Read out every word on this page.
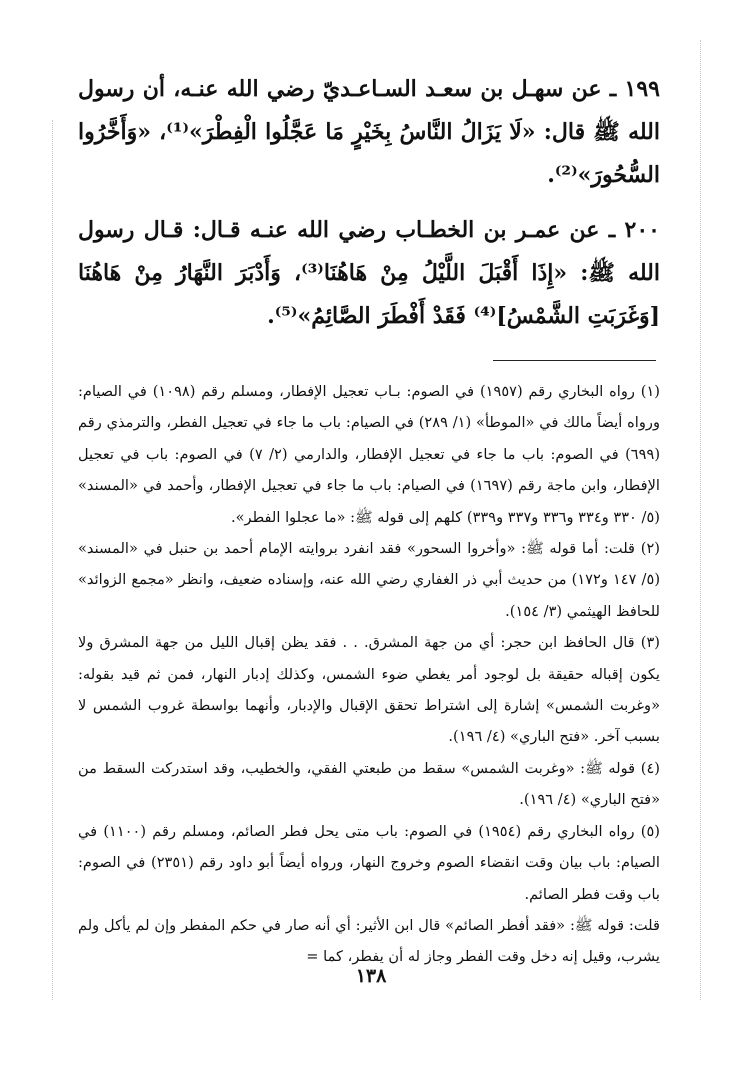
١٩٩ ـ عن سهـل بن سعـد السـاعـديّ رضي الله عنـه، أن رسول الله ﷺ قال: «لَا يَزَالُ النَّاسُ بِخَيْرٍ مَا عَجَّلُوا الْفِطْرَ»⁽¹⁾، «وَأَخَّرُوا السُّحُورَ»⁽²⁾.

٢٠٠ ـ عن عمـر بن الخطـاب رضي الله عنـه قـال: قـال رسول الله ﷺ: «إِذَا أَقْبَلَ اللَّيْلُ مِنْ هَاهُنَا⁽³⁾، وَأَدْبَرَ النَّهَارُ مِنْ هَاهُنَا [وَغَرَبَتِ الشَّمْسُ]⁽⁴⁾ فَقَدْ أَفْطَرَ الصَّائِمُ»⁽⁵⁾.

(١) رواه البخاري رقم (١٩٥٧) في الصوم: بـاب تعجيل الإفطار، ومسلم رقم (١٠٩٨) في الصيام: ورواه أيضاً مالك في «الموطأ» (١/ ٢٨٩) في الصيام: باب ما جاء في تعجيل الفطر، والترمذي رقم (٦٩٩) في الصوم: باب ما جاء في تعجيل الإفطار، والدارمي (٢/ ٧) في الصوم: باب في تعجيل الإفطار، وابن ماجة رقم (١٦٩٧) في الصيام: باب ما جاء في تعجيل الإفطار، وأحمد في «المسند» (٥/ ٣٣٠ و٣٣٤ و٣٣٦ و٣٣٧ و٣٣٩) كلهم إلى قوله ﷺ: «ما عجلوا الفطر».

(٢) قلت: أما قوله ﷺ: «وأخروا السحور» فقد انفرد بروايته الإمام أحمد بن حنبل في «المسند» (٥/ ١٤٧ و١٧٢) من حديث أبي ذر الغفاري رضي الله عنه، وإسناده ضعيف، وانظر «مجمع الزوائد» للحافظ الهيثمي (٣/ ١٥٤).

(٣) قال الحافظ ابن حجر: أي من جهة المشرق. . . فقد يظن إقبال الليل من جهة المشرق ولا يكون إقباله حقيقة بل لوجود أمر يغطي ضوء الشمس، وكذلك إدبار النهار، فمن ثم قيد بقوله: «وغربت الشمس» إشارة إلى اشتراط تحقق الإقبال والإدبار، وأنهما بواسطة غروب الشمس لا بسبب آخر. «فتح الباري» (٤/ ١٩٦).

(٤) قوله ﷺ: «وغربت الشمس» سقط من طبعتي الفقي، والخطيب، وقد استدركت السقط من «فتح الباري» (٤/ ١٩٦).

(٥) رواه البخاري رقم (١٩٥٤) في الصوم: باب متى يحل فطر الصائم، ومسلم رقم (١١٠٠) في الصيام: باب بيان وقت انقضاء الصوم وخروج النهار، ورواه أيضاً أبو داود رقم (٢٣٥١) في الصوم: باب وقت فطر الصائم.

قلت: قوله ﷺ: «فقد أفطر الصائم» قال ابن الأثير: أي أنه صار في حكم المفطر وإن لم يأكل ولم يشرب، وقيل إنه دخل وقت الفطر وجاز له أن يفطر، كما =

١٣٨
